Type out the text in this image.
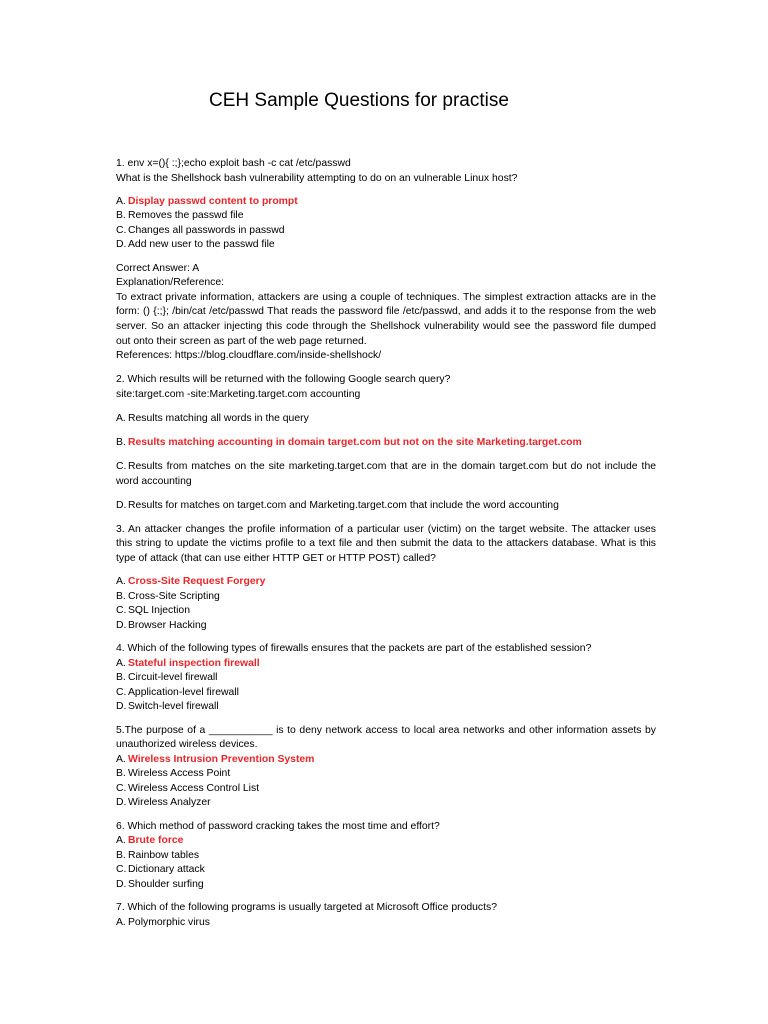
CEH Sample Questions for practise
1. env x=(){ :;};echo exploit bash -c cat /etc/passwd
What is the Shellshock bash vulnerability attempting to do on an vulnerable Linux host?
A. Display passwd content to prompt
B. Removes the passwd file
C. Changes all passwords in passwd
D. Add new user to the passwd file
Correct Answer: A
Explanation/Reference:
To extract private information, attackers are using a couple of techniques. The simplest extraction attacks are in the form: () {:;}; /bin/cat /etc/passwd That reads the password file /etc/passwd, and adds it to the response from the web server. So an attacker injecting this code through the Shellshock vulnerability would see the password file dumped out onto their screen as part of the web page returned.
References: https://blog.cloudflare.com/inside-shellshock/
2. Which results will be returned with the following Google search query?
site:target.com -site:Marketing.target.com accounting
A. Results matching all words in the query
B. Results matching accounting in domain target.com but not on the site Marketing.target.com
C. Results from matches on the site marketing.target.com that are in the domain target.com but do not include the word accounting
D. Results for matches on target.com and Marketing.target.com that include the word accounting
3. An attacker changes the profile information of a particular user (victim) on the target website. The attacker uses this string to update the victims profile to a text file and then submit the data to the attackers database. What is this type of attack (that can use either HTTP GET or HTTP POST) called?
A. Cross-Site Request Forgery
B. Cross-Site Scripting
C. SQL Injection
D. Browser Hacking
4. Which of the following types of firewalls ensures that the packets are part of the established session?
A. Stateful inspection firewall
B. Circuit-level firewall
C. Application-level firewall
D. Switch-level firewall
5.The purpose of a ___________ is to deny network access to local area networks and other information assets by unauthorized wireless devices.
A. Wireless Intrusion Prevention System
B. Wireless Access Point
C. Wireless Access Control List
D. Wireless Analyzer
6. Which method of password cracking takes the most time and effort?
A. Brute force
B. Rainbow tables
C. Dictionary attack
D. Shoulder surfing
7. Which of the following programs is usually targeted at Microsoft Office products?
A. Polymorphic virus
